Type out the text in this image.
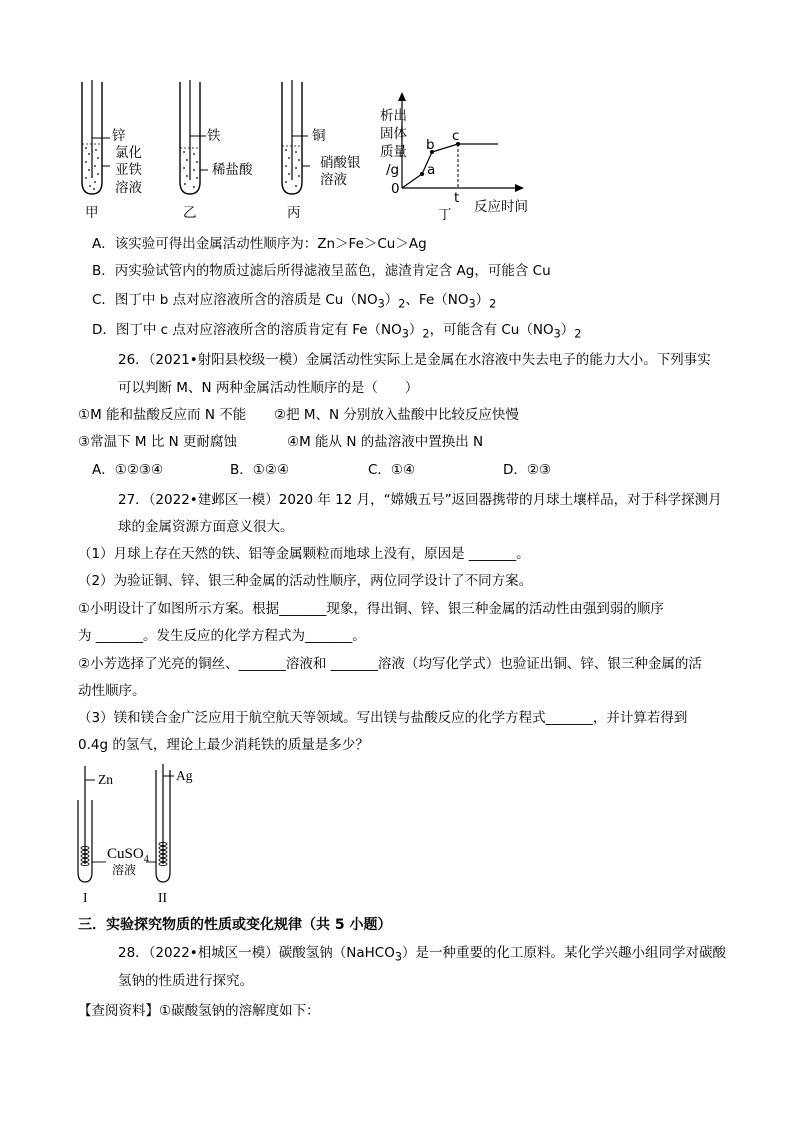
锌
氯化
亚铁
溶液
甲
铁
稀盐酸
乙
铜
硝酸银
溶液
丙
析出
固体
质量
/g
0
a
b
c
t
反应时间
丁
A．该实验可得出金属活动性顺序为：Zn＞Fe＞Cu＞Ag
B．丙实验试管内的物质过滤后所得滤液呈蓝色，滤渣肯定含 Ag，可能含 Cu
C．图丁中 b 点对应溶液所含的溶质是 $Cu(NO_3)_2$、$Fe(NO_3)_2$
D．图丁中 c 点对应溶液所含的溶质肯定有 $Fe(NO_3)_2$，可能含有 $Cu(NO_3)_2$
26．（2021•射阳县校级一模）金属活动性实际上是金属在水溶液中失去电子的能力大小。下列事实
可以判断 M、N 两种金属活动性顺序的是（　　）
①M 能和盐酸反应而 N 不能 ②把 M、N 分别放入盐酸中比较反应快慢
③常温下 M 比 N 更耐腐蚀	④M 能从 N 的盐溶液中置换出 N
A．①②③④	B．①②④	C．①④	D．②③
27．（2022•建邺区一模）2020 年 12 月，“嫦娥五号”返回器携带的月球土壤样品，对于科学探测月
球的金属资源方面意义很大。
（1）月球上存在天然的铁、铝等金属颗粒而地球上没有，原因是 _______。
（2）为验证铜、锌、银三种金属的活动性顺序，两位同学设计了不同方案。
①小明设计了如图所示方案。根据_______现象，得出铜、锌、银三种金属的活动性由强到弱的顺序
为 _______。发生反应的化学方程式为_______。
②小芳选择了光亮的铜丝、_______溶液和 _______溶液（均写化学式）也验证出铜、锌、银三种金属的活
动性顺序。
（3）镁和镁合金广泛应用于航空航天等领域。写出镁与盐酸反应的化学方程式_______，并计算若得到
0.4g 的氢气，理论上最少消耗铁的质量是多少？
Zn	Ag
CuSO$_4$
溶液
I	II
三．实验探究物质的性质或变化规律（共 5 小题）
28．（2022•相城区一模）碳酸氢钠（NaHCO$_3$）是一种重要的化工原料。某化学兴趣小组同学对碳酸
氢钠的性质进行探究。
【查阅资料】①碳酸氢钠的溶解度如下：
